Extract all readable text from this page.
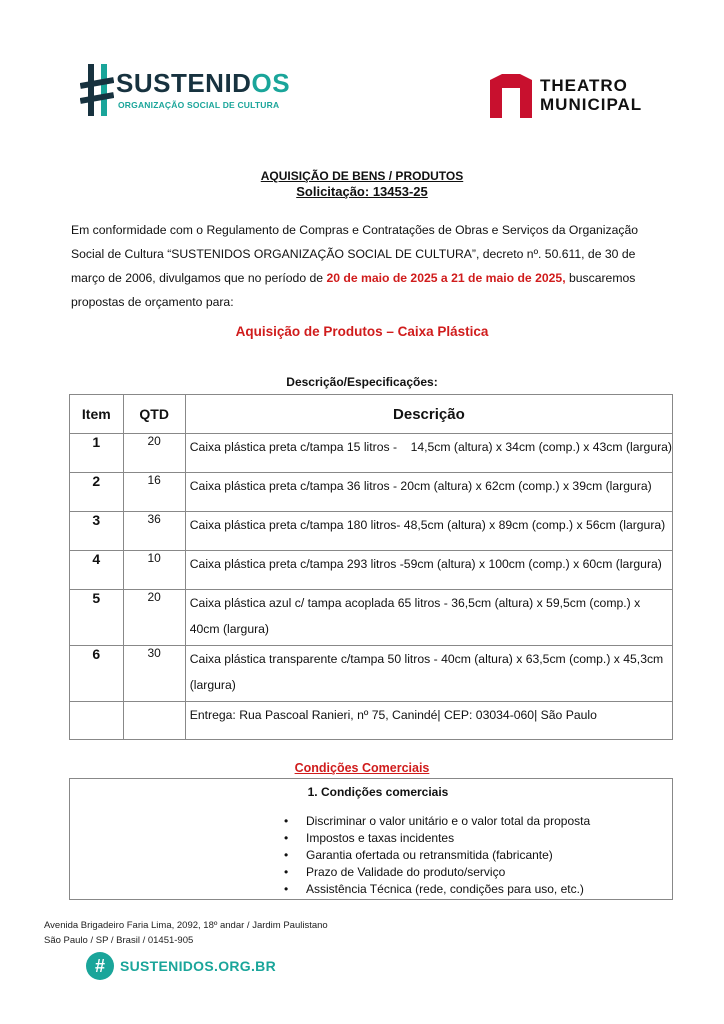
SUSTENIDOS
ORGANIZAÇÃO SOCIAL DE CULTURA
THEATRO
MUNICIPAL
AQUISIÇÃO DE BENS / PRODUTOS
Solicitação: 13453-25
Em conformidade com o Regulamento de Compras e Contratações de Obras e Serviços da Organização
Social de Cultura “SUSTENIDOS ORGANIZAÇÃO SOCIAL DE CULTURA”, decreto nº. 50.611, de 30 de
março de 2006, divulgamos que no período de 20 de maio de 2025 a 21 de maio de 2025, buscaremos
propostas de orçamento para:
Aquisição de Produtos – Caixa Plástica
Descrição/Especificações:
Item	QTD	Descrição
1	20	Caixa plástica preta c/tampa 15 litros -    14,5cm (altura) x 34cm (comp.) x 43cm (largura)
2	16	Caixa plástica preta c/tampa 36 litros - 20cm (altura) x 62cm (comp.) x 39cm (largura)
3	36	Caixa plástica preta c/tampa 180 litros- 48,5cm (altura) x 89cm (comp.) x 56cm (largura)
4	10	Caixa plástica preta c/tampa 293 litros -59cm (altura) x 100cm (comp.) x 60cm (largura)
5	20	Caixa plástica azul c/ tampa acoplada 65 litros - 36,5cm (altura) x 59,5cm (comp.) x 40cm (largura)
6	30	Caixa plástica transparente c/tampa 50 litros - 40cm (altura) x 63,5cm (comp.) x 45,3cm (largura)
		Entrega: Rua Pascoal Ranieri, nº 75, Canindé| CEP: 03034-060| São Paulo
Condições Comerciais
1. Condições comerciais
• Discriminar o valor unitário e o valor total da proposta
• Impostos e taxas incidentes
• Garantia ofertada ou retransmitida (fabricante)
• Prazo de Validade do produto/serviço
• Assistência Técnica (rede, condições para uso, etc.)
Avenida Brigadeiro Faria Lima, 2092, 18º andar / Jardim Paulistano
São Paulo / SP / Brasil / 01451-905
#	SUSTENIDOS.ORG.BR
